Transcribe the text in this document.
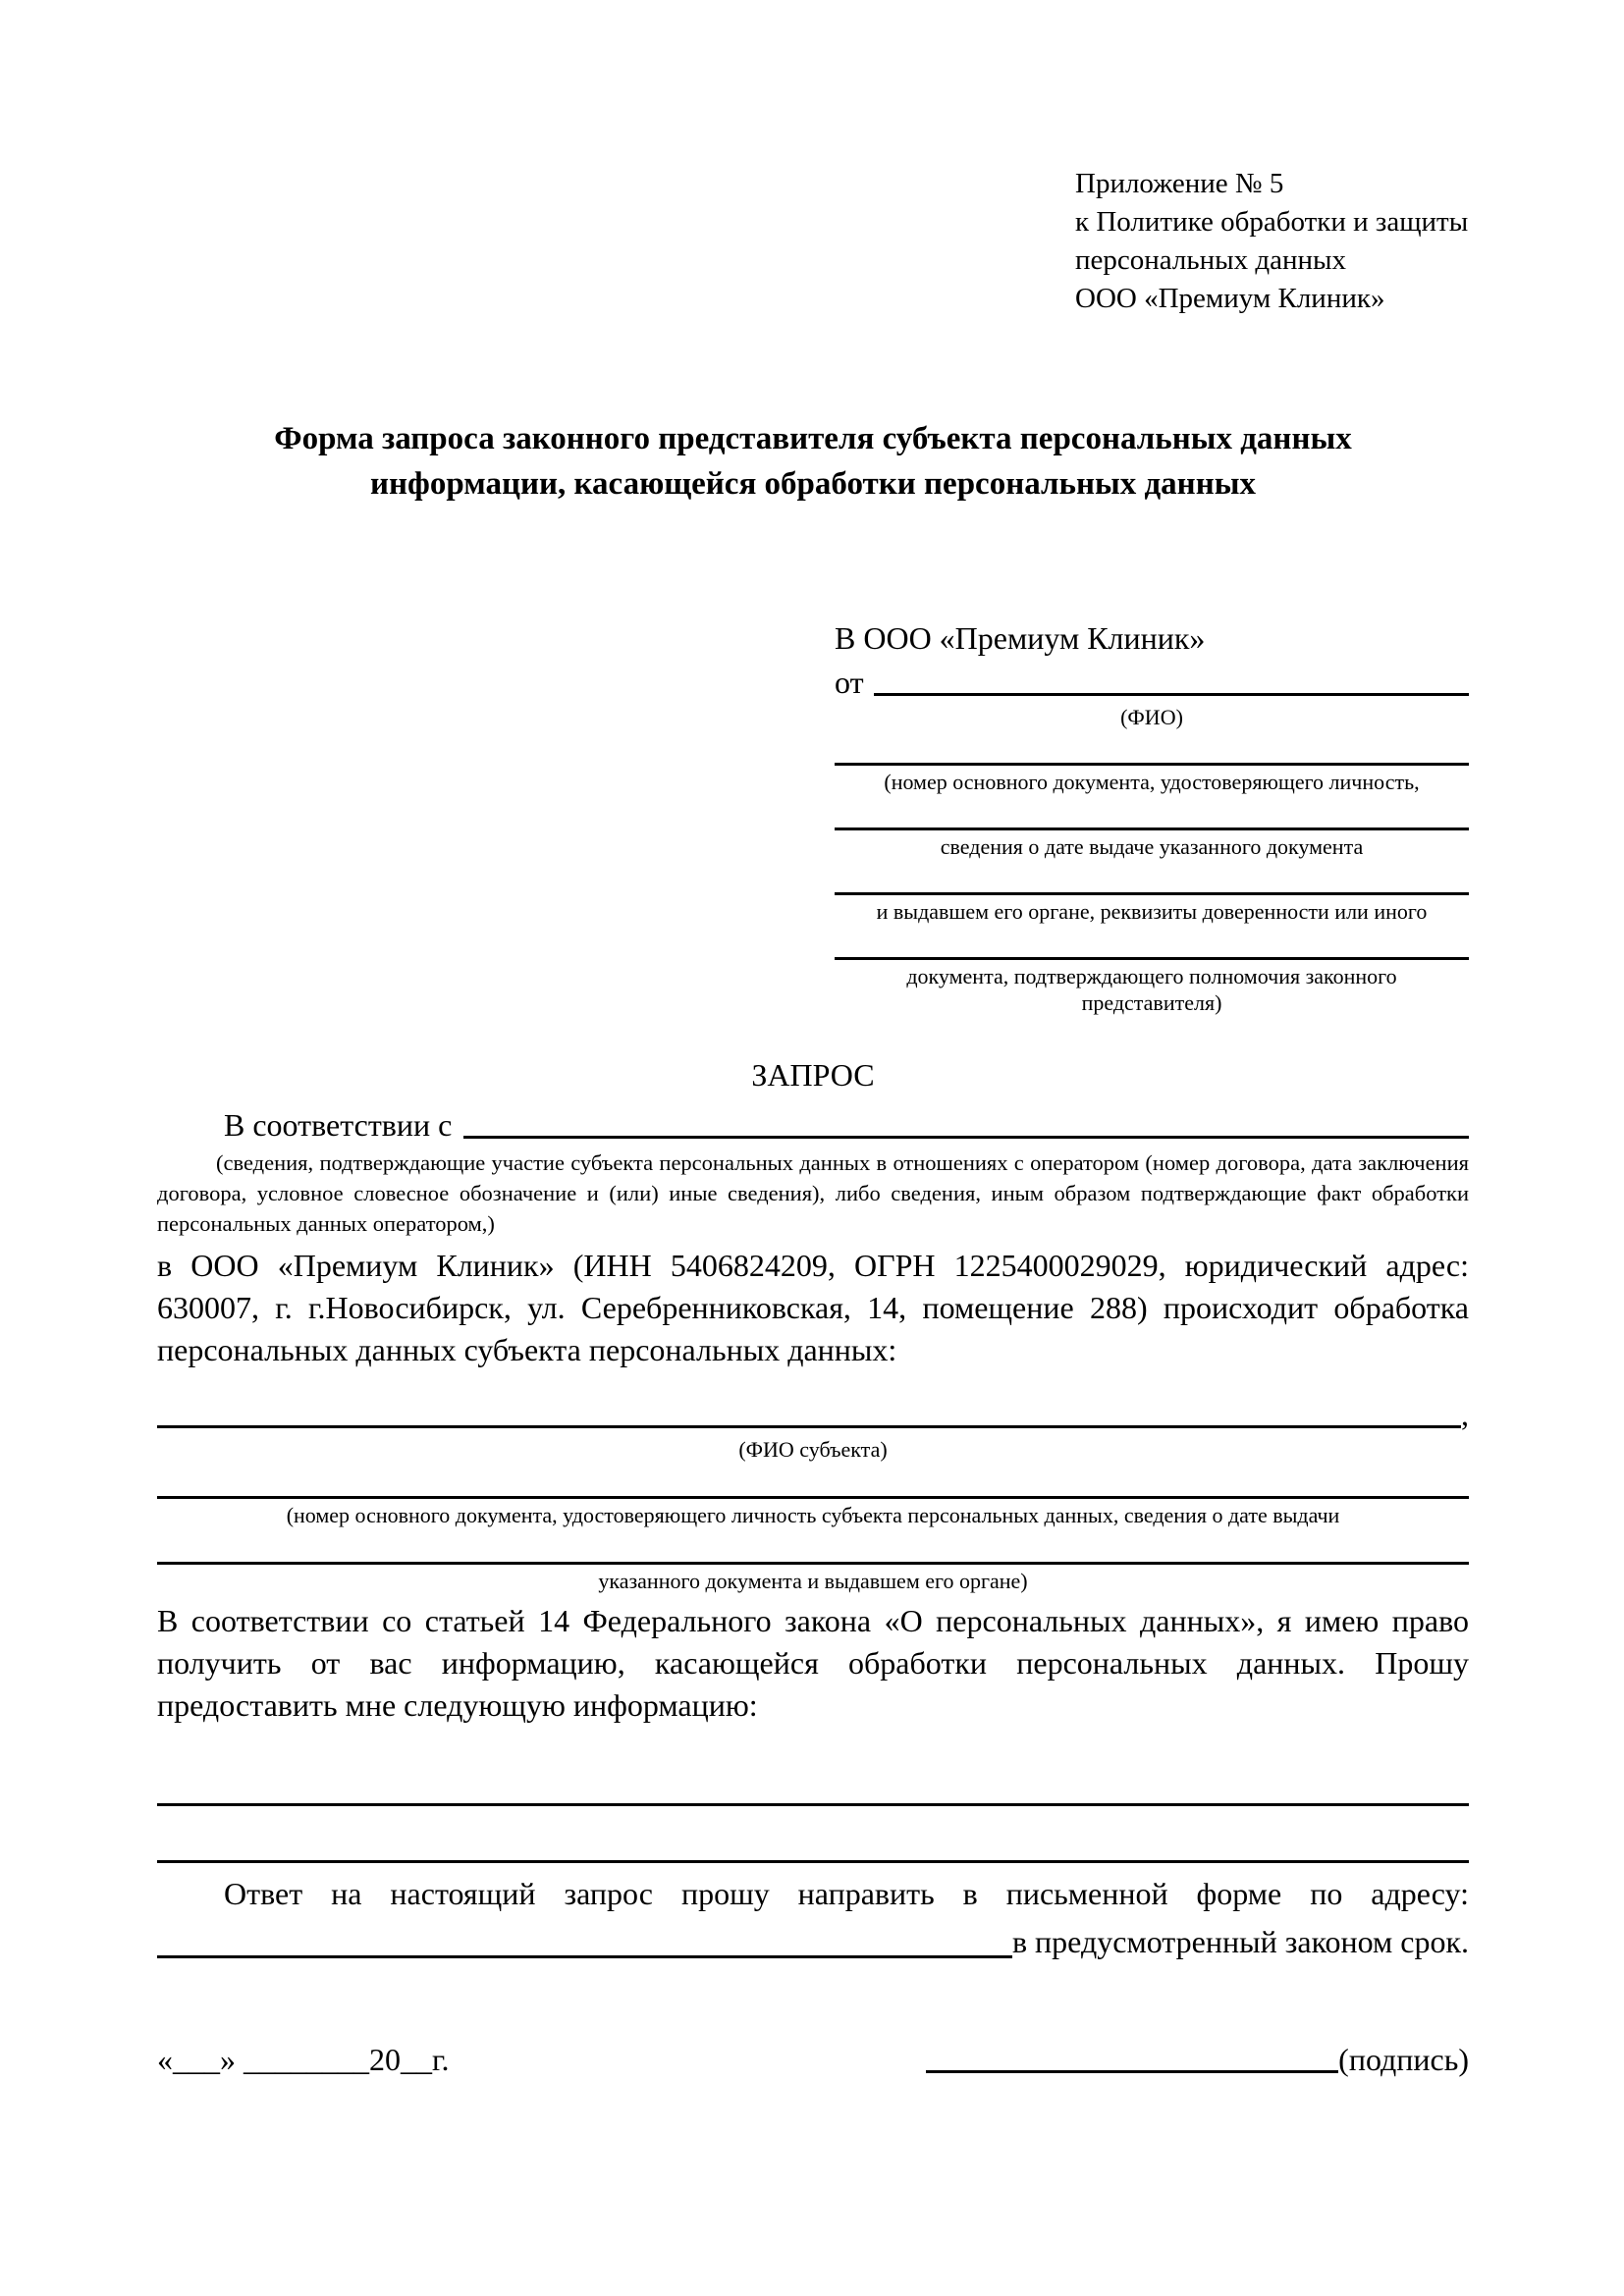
Приложение № 5
к Политике обработки и защиты
персональных данных
ООО «Премиум Клиник»
Форма запроса законного представителя субъекта персональных данных
информации, касающейся обработки персональных данных
В ООО «Премиум Клиник»
от
(ФИО)
(номер основного документа, удостоверяющего личность,
сведения о дате выдаче указанного документа
и выдавшем его органе, реквизиты доверенности или иного
документа, подтверждающего полномочия законного представителя)
ЗАПРОС
В соответствии с

(сведения, подтверждающие участие субъекта персональных данных в отношениях с оператором (номер договора, дата заключения договора, условное словесное обозначение и (или) иные сведения), либо сведения, иным образом подтверждающие факт обработки персональных данных оператором,)

в ООО «Премиум Клиник» (ИНН 5406824209, ОГРН 1225400029029, юридический адрес: 630007, г. г.Новосибирск, ул. Серебренниковская, 14, помещение 288) происходит обработка персональных данных субъекта персональных данных:

,
(ФИО субъекта)
(номер основного документа, удостоверяющего личность субъекта персональных данных, сведения о дате выдачи
указанного документа и выдавшем его органе)

В соответствии со статьей 14 Федерального закона «О персональных данных», я имею право получить от вас информацию, касающейся обработки персональных данных. Прошу предоставить мне следующую информацию:

Ответ на настоящий запрос прошу направить в письменной форме по адресу:

в предусмотренный законом срок.
«___» ________20__г.	(подпись)
